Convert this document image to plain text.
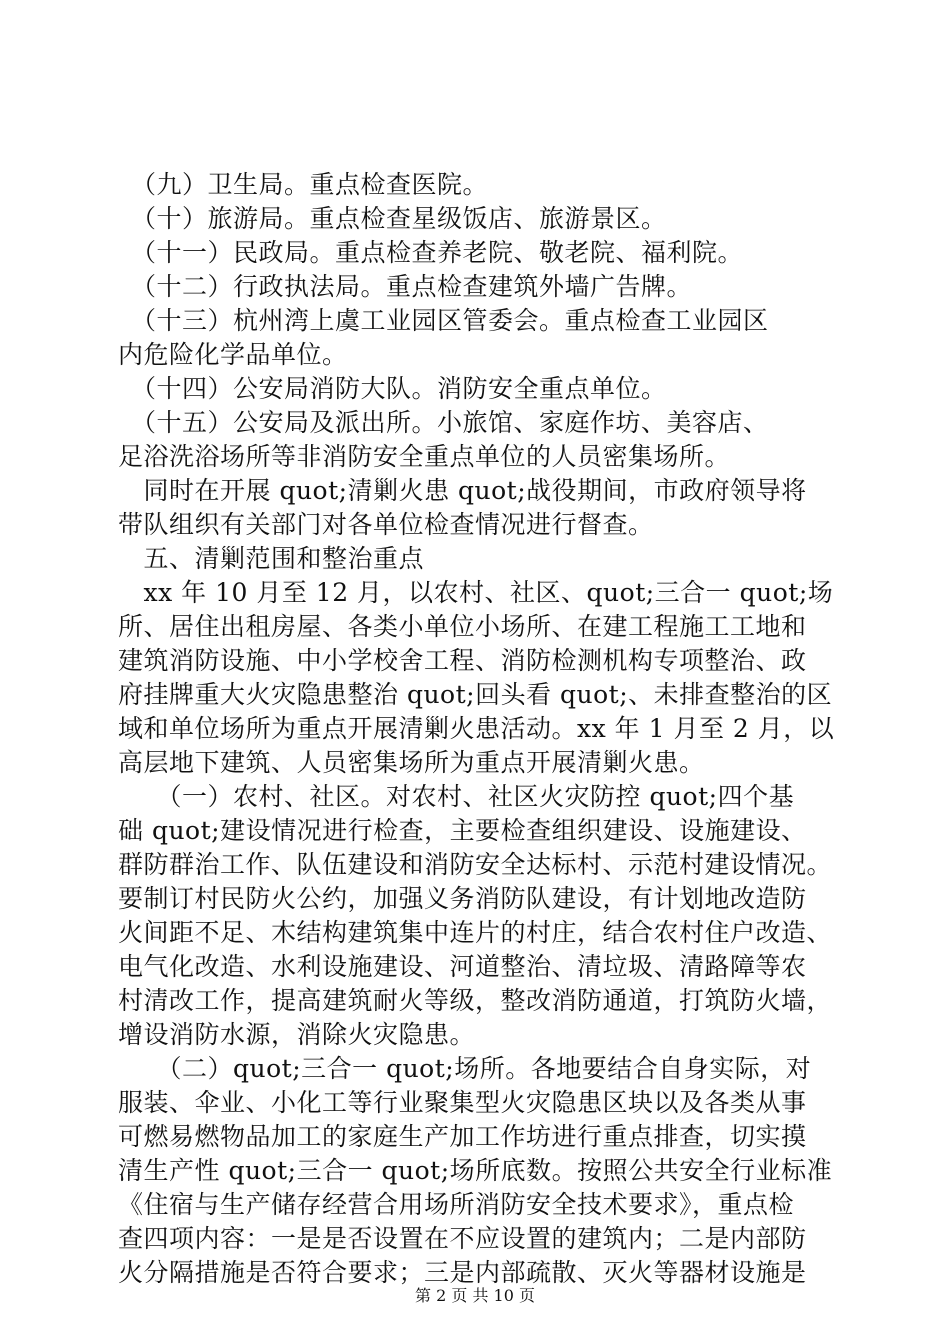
　（九）卫生局。重点检查医院。
　（十）旅游局。重点检查星级饭店、旅游景区。
　（十一）民政局。重点检查养老院、敬老院、福利院。
　（十二）行政执法局。重点检查建筑外墙广告牌。
　（十三）杭州湾上虞工业园区管委会。重点检查工业园区
内危险化学品单位。
　（十四）公安局消防大队。消防安全重点单位。
　（十五）公安局及派出所。小旅馆、家庭作坊、美容店、
足浴洗浴场所等非消防安全重点单位的人员密集场所。
　同时在开展 quot;清剿火患 quot;战役期间，市政府领导将
带队组织有关部门对各单位检查情况进行督查。
　五、清剿范围和整治重点
　xx 年 10 月至 12 月，以农村、社区、quot;三合一 quot;场
所、居住出租房屋、各类小单位小场所、在建工程施工工地和
建筑消防设施、中小学校舍工程、消防检测机构专项整治、政
府挂牌重大火灾隐患整治 quot;回头看 quot;、未排查整治的区
域和单位场所为重点开展清剿火患活动。xx 年 1 月至 2 月，以
高层地下建筑、人员密集场所为重点开展清剿火患。
　　（一）农村、社区。对农村、社区火灾防控 quot;四个基
础 quot;建设情况进行检查，主要检查组织建设、设施建设、
群防群治工作、队伍建设和消防安全达标村、示范村建设情况。
要制订村民防火公约，加强义务消防队建设，有计划地改造防
火间距不足、木结构建筑集中连片的村庄，结合农村住户改造、
电气化改造、水利设施建设、河道整治、清垃圾、清路障等农
村清改工作，提高建筑耐火等级，整改消防通道，打筑防火墙，
增设消防水源，消除火灾隐患。
　　（二）quot;三合一 quot;场所。各地要结合自身实际，对
服装、伞业、小化工等行业聚集型火灾隐患区块以及各类从事
可燃易燃物品加工的家庭生产加工作坊进行重点排查，切实摸
清生产性 quot;三合一 quot;场所底数。按照公共安全行业标准
《住宿与生产储存经营合用场所消防安全技术要求》，重点检
查四项内容：一是是否设置在不应设置的建筑内；二是内部防
火分隔措施是否符合要求；三是内部疏散、灭火等器材设施是
第 2 页 共 10 页
